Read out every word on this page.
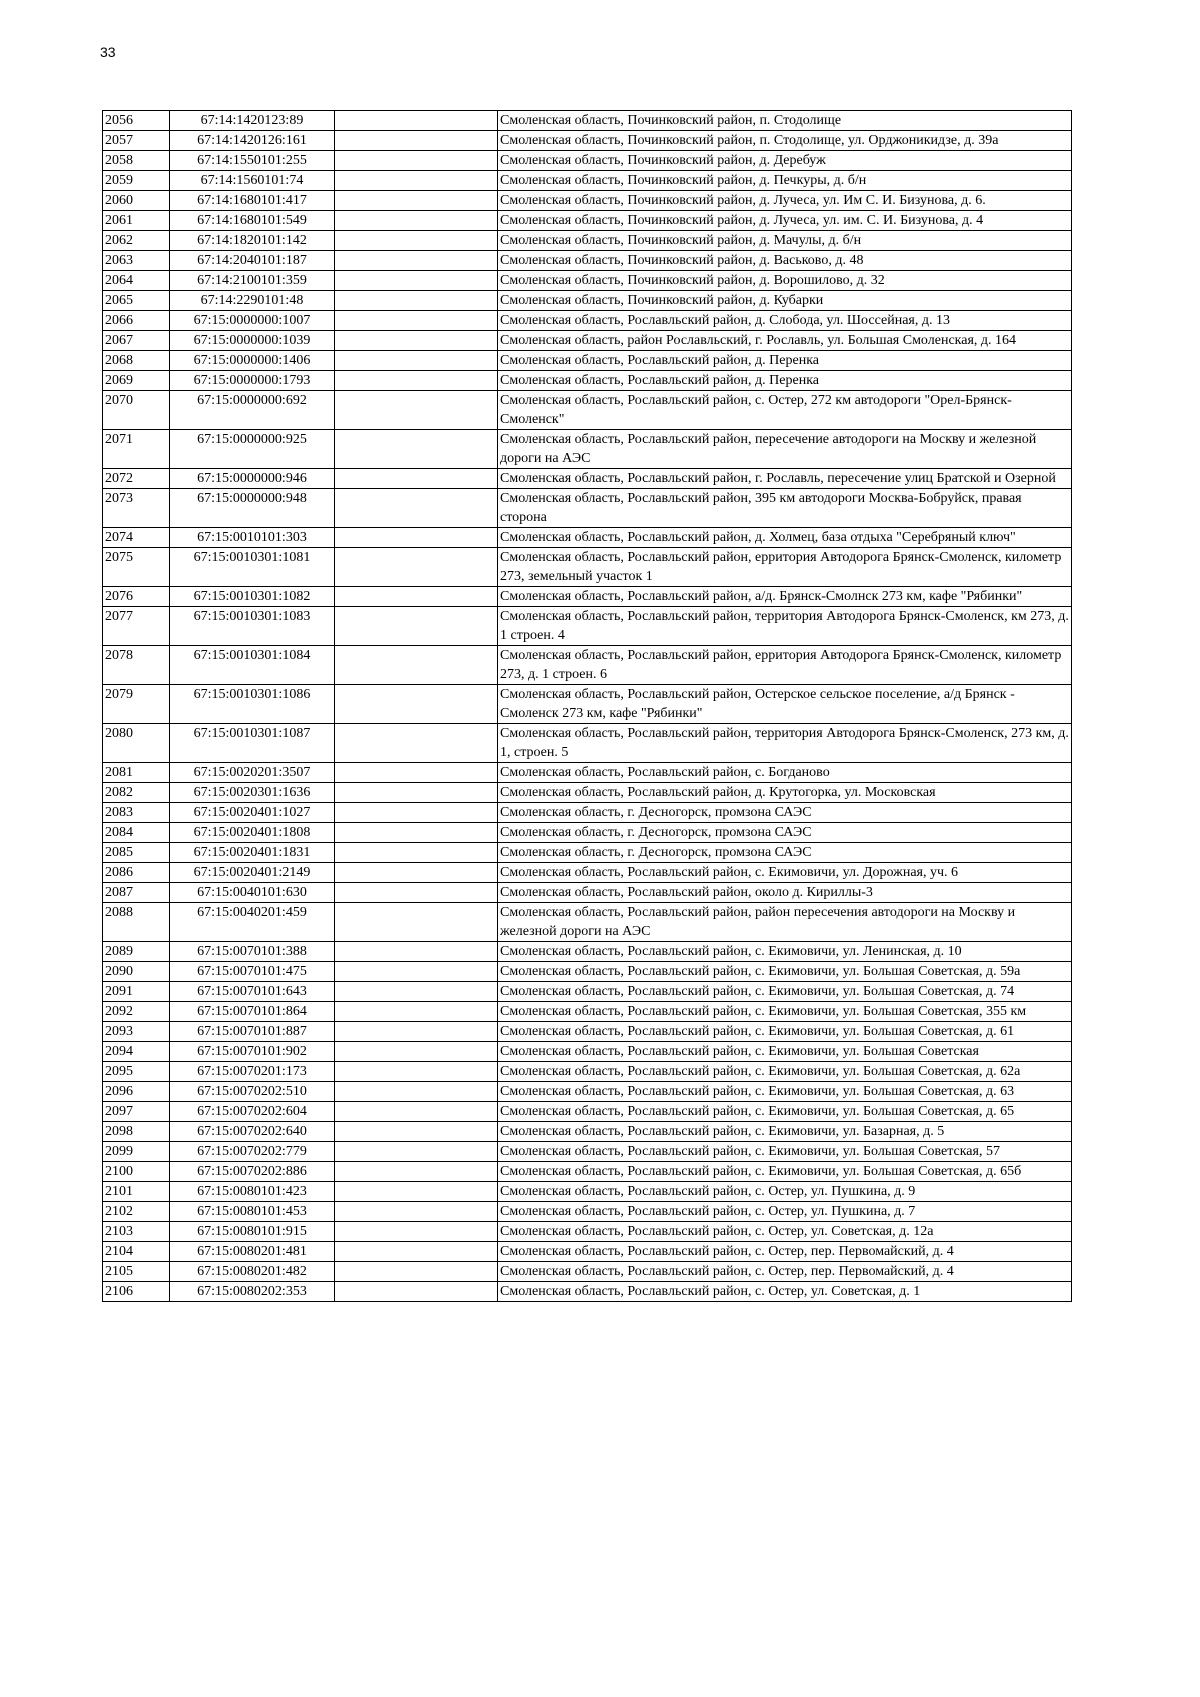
33
2056	67:14:1420123:89		Смоленская область, Починковский район, п. Стодолище
2057	67:14:1420126:161		Смоленская область, Починковский район, п. Стодолище, ул. Орджоникидзе, д. 39а
2058	67:14:1550101:255		Смоленская область, Починковский район, д. Деребуж
2059	67:14:1560101:74		Смоленская область, Починковский район, д. Печкуры, д. б/н
2060	67:14:1680101:417		Смоленская область, Починковский район, д. Лучеса, ул. Им С. И. Бизунова, д. 6.
2061	67:14:1680101:549		Смоленская область, Починковский район, д. Лучеса, ул. им. С. И. Бизунова, д. 4
2062	67:14:1820101:142		Смоленская область, Починковский район, д. Мачулы, д. б/н
2063	67:14:2040101:187		Смоленская область, Починковский район, д. Васьково, д. 48
2064	67:14:2100101:359		Смоленская область, Починковский район, д. Ворошилово, д. 32
2065	67:14:2290101:48		Смоленская область, Починковский район, д. Кубарки
2066	67:15:0000000:1007		Смоленская область, Рославльский район, д. Слобода, ул. Шоссейная, д. 13
2067	67:15:0000000:1039		Смоленская область, район Рославльский, г. Рославль, ул. Большая Смоленская, д. 164
2068	67:15:0000000:1406		Смоленская область, Рославльский район, д. Перенка
2069	67:15:0000000:1793		Смоленская область, Рославльский район, д. Перенка
2070	67:15:0000000:692		Смоленская область, Рославльский район, с. Остер, 272 км автодороги "Орел-Брянск-Смоленск"
2071	67:15:0000000:925		Смоленская область, Рославльский район, пересечение автодороги на Москву и железной дороги на АЭС
2072	67:15:0000000:946		Смоленская область, Рославльский район, г. Рославль, пересечение улиц Братской и Озерной
2073	67:15:0000000:948		Смоленская область, Рославльский район, 395 км автодороги Москва-Бобруйск, правая сторона
2074	67:15:0010101:303		Смоленская область, Рославльский район, д. Холмец, база отдыха "Серебряный ключ"
2075	67:15:0010301:1081		Смоленская область, Рославльский район, ерритория Автодорога Брянск-Смоленск, километр 273, земельный участок 1
2076	67:15:0010301:1082		Смоленская область, Рославльский район, а/д. Брянск-Смолнск 273 км, кафе "Рябинки"
2077	67:15:0010301:1083		Смоленская область, Рославльский район, территория Автодорога Брянск-Смоленск, км 273, д. 1 строен. 4
2078	67:15:0010301:1084		Смоленская область, Рославльский район, ерритория Автодорога Брянск-Смоленск, километр 273, д. 1 строен. 6
2079	67:15:0010301:1086		Смоленская область, Рославльский район, Остерское сельское поселение, а/д Брянск - Смоленск 273 км, кафе "Рябинки"
2080	67:15:0010301:1087		Смоленская область, Рославльский район, территория Автодорога Брянск-Смоленск, 273 км, д. 1, строен. 5
2081	67:15:0020201:3507		Смоленская область, Рославльский район, с. Богданово
2082	67:15:0020301:1636		Смоленская область, Рославльский район, д. Крутогорка, ул. Московская
2083	67:15:0020401:1027		Смоленская область, г. Десногорск, промзона САЭС
2084	67:15:0020401:1808		Смоленская область, г. Десногорск, промзона САЭС
2085	67:15:0020401:1831		Смоленская область, г. Десногорск, промзона САЭС
2086	67:15:0020401:2149		Смоленская область, Рославльский район, с. Екимовичи, ул. Дорожная, уч. 6
2087	67:15:0040101:630		Смоленская область, Рославльский район, около д. Кириллы-3
2088	67:15:0040201:459		Смоленская область, Рославльский район, район пересечения автодороги на Москву и железной дороги на АЭС
2089	67:15:0070101:388		Смоленская область, Рославльский район, с. Екимовичи, ул. Ленинская, д. 10
2090	67:15:0070101:475		Смоленская область, Рославльский район, с. Екимовичи, ул. Большая Советская, д. 59а
2091	67:15:0070101:643		Смоленская область, Рославльский район, с. Екимовичи, ул. Большая Советская, д. 74
2092	67:15:0070101:864		Смоленская область, Рославльский район, с. Екимовичи, ул. Большая Советская, 355 км
2093	67:15:0070101:887		Смоленская область, Рославльский район, с. Екимовичи, ул. Большая Советская, д. 61
2094	67:15:0070101:902		Смоленская область, Рославльский район, с. Екимовичи, ул. Большая Советская
2095	67:15:0070201:173		Смоленская область, Рославльский район, с. Екимовичи, ул. Большая Советская, д. 62а
2096	67:15:0070202:510		Смоленская область, Рославльский район, с. Екимовичи, ул. Большая Советская, д. 63
2097	67:15:0070202:604		Смоленская область, Рославльский район, с. Екимовичи, ул. Большая Советская, д. 65
2098	67:15:0070202:640		Смоленская область, Рославльский район, с. Екимовичи, ул. Базарная, д. 5
2099	67:15:0070202:779		Смоленская область, Рославльский район, с. Екимовичи, ул. Большая Советская, 57
2100	67:15:0070202:886		Смоленская область, Рославльский район, с. Екимовичи, ул. Большая Советская, д. 65б
2101	67:15:0080101:423		Смоленская область, Рославльский район, с. Остер, ул. Пушкина, д. 9
2102	67:15:0080101:453		Смоленская область, Рославльский район, с. Остер, ул. Пушкина, д. 7
2103	67:15:0080101:915		Смоленская область, Рославльский район, с. Остер, ул. Советская, д. 12а
2104	67:15:0080201:481		Смоленская область, Рославльский район, с. Остер, пер. Первомайский, д. 4
2105	67:15:0080201:482		Смоленская область, Рославльский район, с. Остер, пер. Первомайский, д. 4
2106	67:15:0080202:353		Смоленская область, Рославльский район, с. Остер, ул. Советская, д. 1
